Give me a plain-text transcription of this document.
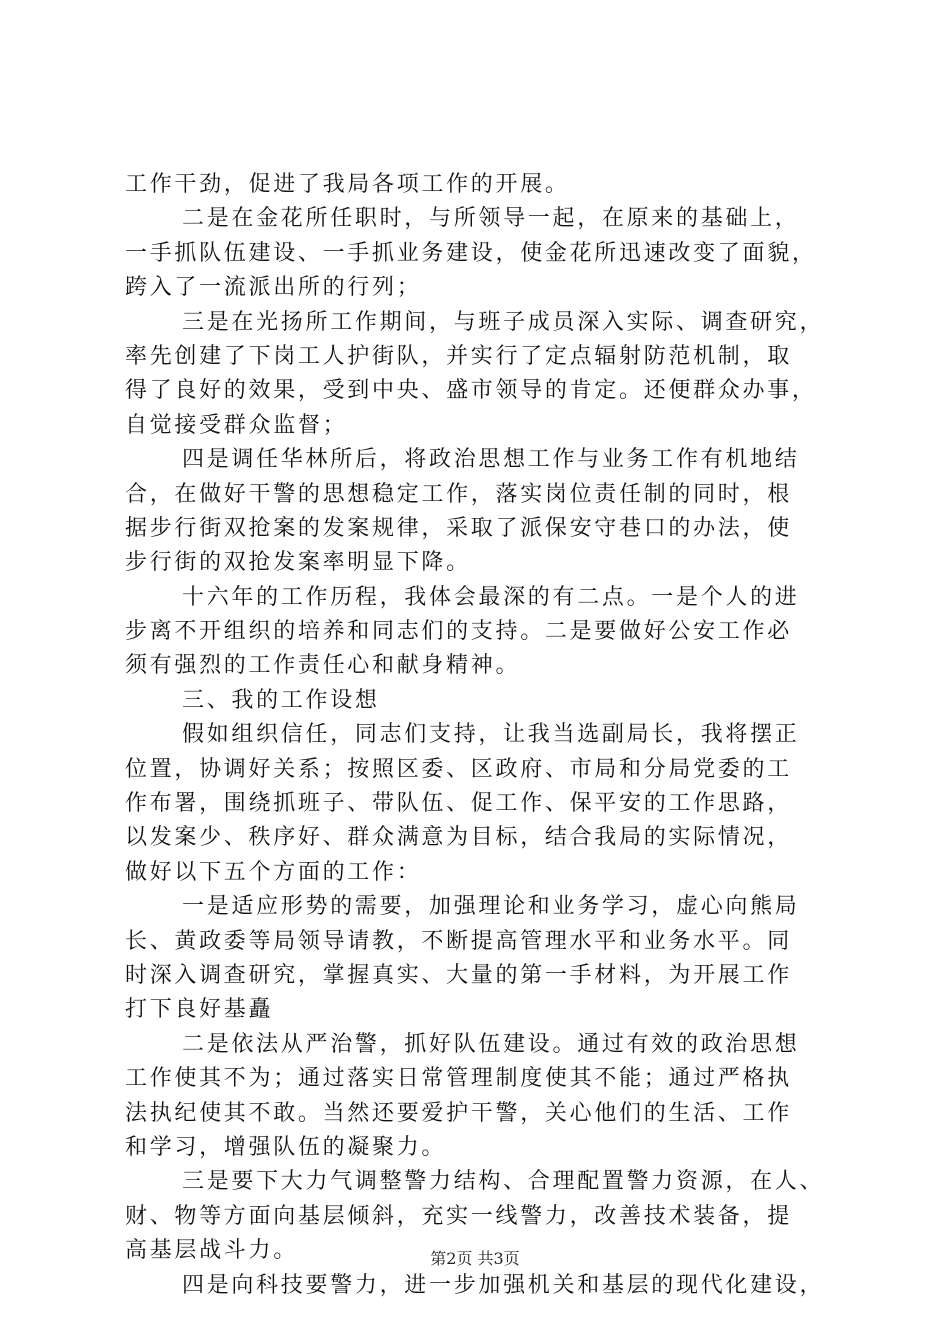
工作干劲，促进了我局各项工作的开展。
二是在金花所任职时，与所领导一起，在原来的基础上，
一手抓队伍建设、一手抓业务建设，使金花所迅速改变了面貌，
跨入了一流派出所的行列；
三是在光扬所工作期间，与班子成员深入实际、调查研究，
率先创建了下岗工人护街队，并实行了定点辐射防范机制，取
得了良好的效果，受到中央、盛市领导的肯定。还便群众办事，
自觉接受群众监督；
四是调任华林所后，将政治思想工作与业务工作有机地结
合，在做好干警的思想稳定工作，落实岗位责任制的同时，根
据步行街双抢案的发案规律，采取了派保安守巷口的办法，使
步行街的双抢发案率明显下降。
十六年的工作历程，我体会最深的有二点。一是个人的进
步离不开组织的培养和同志们的支持。二是要做好公安工作必
须有强烈的工作责任心和献身精神。
三、我的工作设想
假如组织信任，同志们支持，让我当选副局长，我将摆正
位置，协调好关系；按照区委、区政府、市局和分局党委的工
作布署，围绕抓班子、带队伍、促工作、保平安的工作思路，
以发案少、秩序好、群众满意为目标，结合我局的实际情况，
做好以下五个方面的工作：
一是适应形势的需要，加强理论和业务学习，虚心向熊局
长、黄政委等局领导请教，不断提高管理水平和业务水平。同
时深入调查研究，掌握真实、大量的第一手材料，为开展工作
打下良好基矗
二是依法从严治警，抓好队伍建设。通过有效的政治思想
工作使其不为；通过落实日常管理制度使其不能；通过严格执
法执纪使其不敢。当然还要爱护干警，关心他们的生活、工作
和学习，增强队伍的凝聚力。
三是要下大力气调整警力结构、合理配置警力资源，在人、
财、物等方面向基层倾斜，充实一线警力，改善技术装备，提
高基层战斗力。
四是向科技要警力，进一步加强机关和基层的现代化建设，
第2页 共3页
